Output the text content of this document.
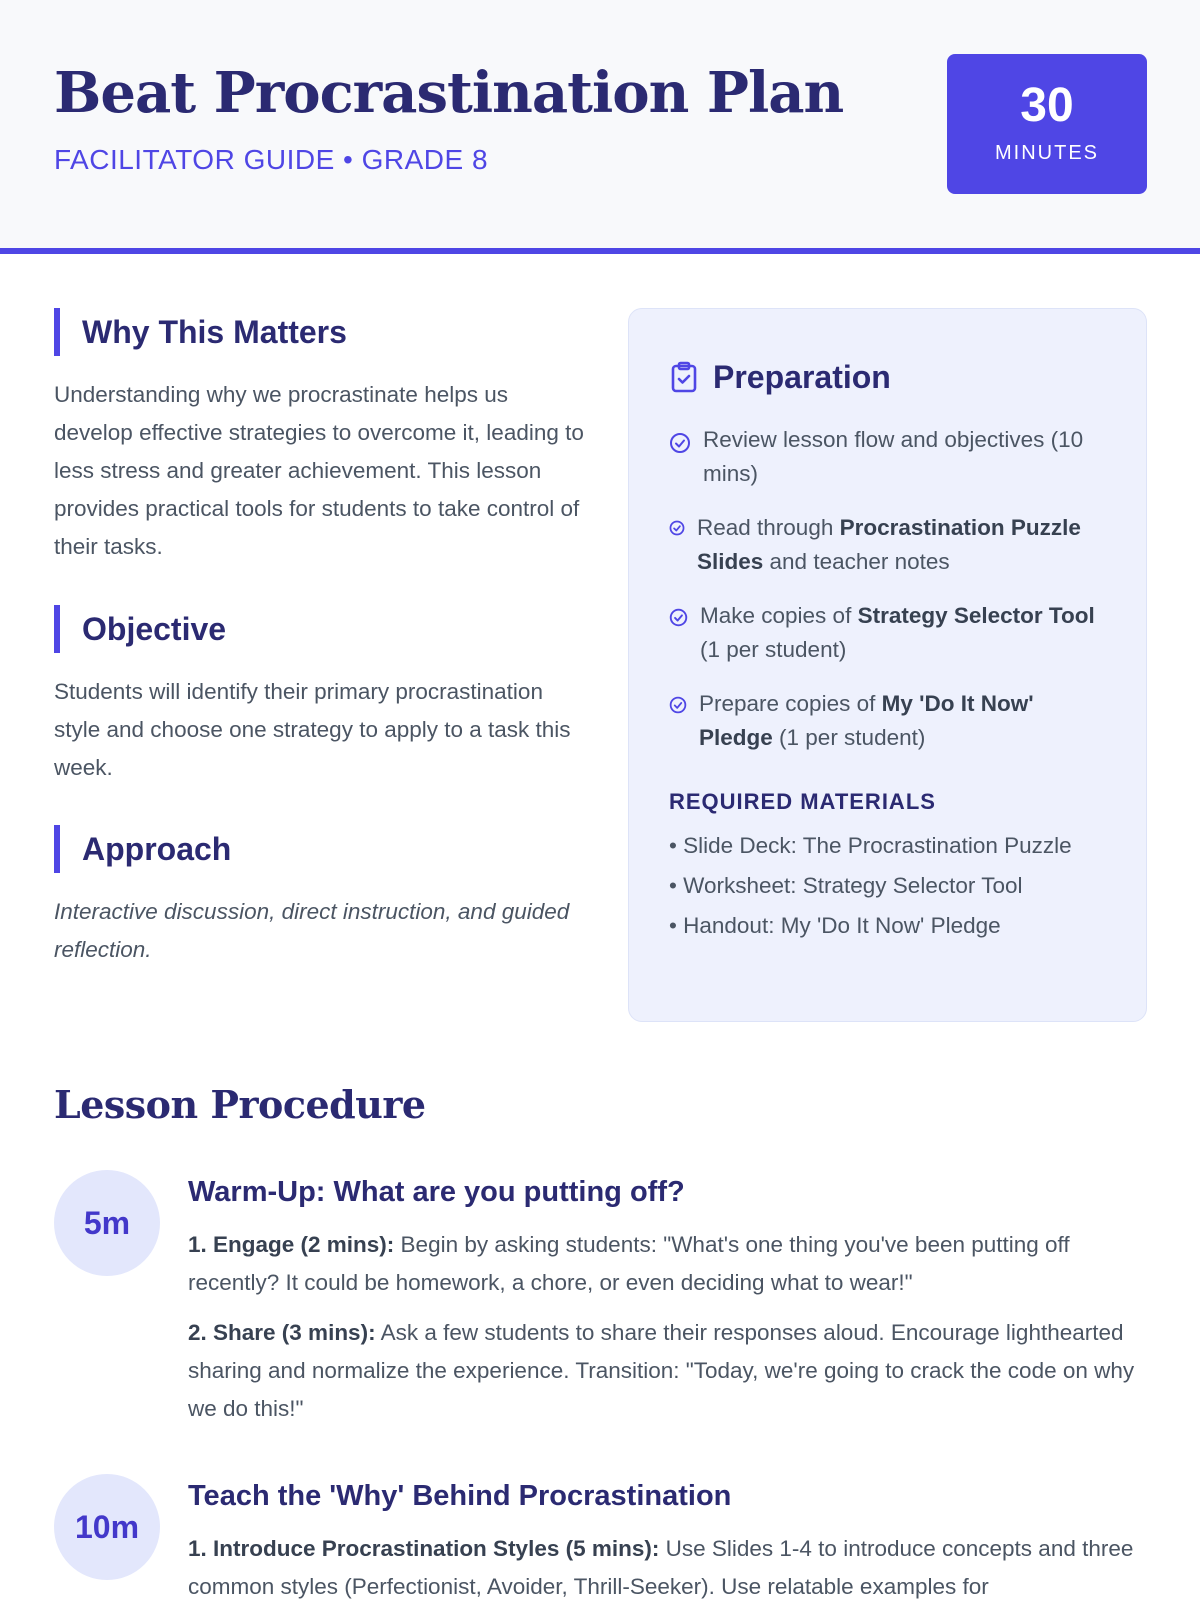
Beat Procrastination Plan
FACILITATOR GUIDE • GRADE 8
30
MINUTES
Why This Matters

Understanding why we procrastinate helps us develop effective strategies to overcome it, leading to less stress and greater achievement. This lesson provides practical tools for students to take control of their tasks.

Objective

Students will identify their primary procrastination style and choose one strategy to apply to a task this week.

Approach

Interactive discussion, direct instruction, and guided reflection.

Preparation
Review lesson flow and objectives (10 mins)
Read through Procrastination Puzzle Slides and teacher notes
Make copies of Strategy Selector Tool (1 per student)
Prepare copies of My 'Do It Now' Pledge (1 per student)
REQUIRED MATERIALS
• Slide Deck: The Procrastination Puzzle
• Worksheet: Strategy Selector Tool
• Handout: My 'Do It Now' Pledge
Lesson Procedure
5m
Warm-Up: What are you putting off?

1. Engage (2 mins): Begin by asking students: "What's one thing you've been putting off recently? It could be homework, a chore, or even deciding what to wear!"

2. Share (3 mins): Ask a few students to share their responses aloud. Encourage lighthearted sharing and normalize the experience. Transition: "Today, we're going to crack the code on why we do this!"

10m
Teach the 'Why' Behind Procrastination

1. Introduce Procrastination Styles (5 mins): Use Slides 1-4 to introduce concepts and three common styles (Perfectionist, Avoider, Thrill-Seeker). Use relatable examples for
